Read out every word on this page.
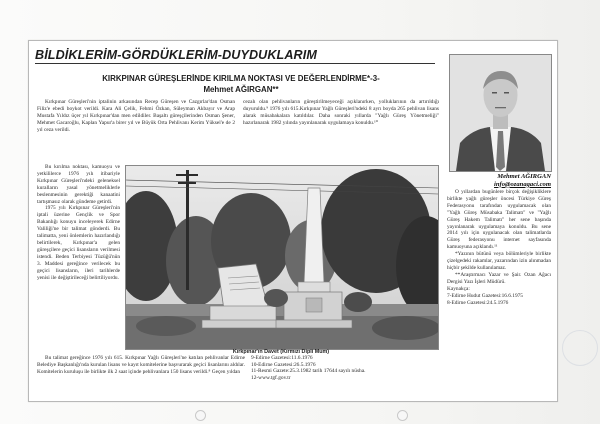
BİLDİKLERİM-GÖRDÜKLERİM-DUYDUKLARIM
KIRKPINAR GÜREŞLERİNDE KIRILMA NOKTASI VE DEĞERLENDİRME*-3-
Mehmet AĞIRGAN**

Kırkpınar Güreşleri'nin iptalinin arkasından Recep Güreşen ve Cazgırlar'dan Osman Filiz'e ebedi boykot verildi. Kara Ali Çelik, Fehmi Özkan, Süleyman Akbayır ve Arap Mustafa Yıldız üçer yıl Kırkpınar'dan men edildiler. Başaltı güreşçilerinden Osman Şener, Mehmet Gacaroğlu, Kaplan Yapur'a birer yıl ve Büyük Orta Pehlivanı Kerim Yüksel'e de 2 yıl ceza verildi.

Bu kırılma noktası, kamuoyu ve yetkililerce 1976 yılı itibariyle Kırkpınar Güreşleri'ndeki geleneksel kuralların yasal yönetmeliklerle beslenmesinin gerektiği kanaatini tartışmasız olarak gündeme getirdi.

1975 yılı Kırkpınar Güreşleri'nin iptali üzerine Gençlik ve Spor Bakanlığı konuyu inceleyerek Edirne Valiliği'ne bir talimat gönderdi. Bu talimatta, yeni önlemlerin hazırlandığı belirtilerek, Kırkpınar'a gelen güreşçilere geçici lisansların verilmesi istendi. Beden Terbiyesi Tüzüğü'nün 3. Maddesi gereğince verilecek bu geçici lisansların, ileri tarihlerde yenisi ile değiştirileceği belirtiliyordu.

cezalı olan pehlivanların güreştirilmeyeceği açıklanırken, yolluklarının da artırıldığı duyuruldu.⁹ 1976 yılı 615.Kırkpınar Yağlı Güreşleri'ndeki 8 ayrı boyda 265 pehlivan lisans alarak müsabakalara katıldılar. Daha sonraki yıllarda "Yağlı Güreş Yönetmeliği" hazırlanarak 1982 yılında yayınlanarak uygulamaya konuldu.¹⁰

Kırkpınar'ın Davet (Kırmızı Dipli Mum)
Mehmet AĞIRGAN
info@ozanagaci.com

O yıllardan bugünlere birçok değişikliklere birlikte yağlı güreşler öncesi Türkiye Güreş Federasyonu tarafından uygulamacak olan "Yağlı Güreş Müsabaka Talimatı" ve "Yağlı Güreş Hakem Talimatı" her sene başında yayınlanarak uygulamaya konuldu. Bu sene 2014 yılı için uygulanacak olan talimatlarda Güreş federasyonu internet sayfasında kamuoyuna açıklandı.¹¹

*Yazının bütünü veya bölümleriyle birlikte çizelgedeki rakamlar, yazarından izin alınmadan hiçbir şekilde kullanılamaz.

**Araştırmacı Yazar ve Şair. Ozan Ağacı Dergisi Yazı İşleri Müdürü.

Kaynakça:

7-Edirne Hudut Gazetesi:16.6.1975

8-Edirne Gazetesi:24.5.1976

Bu talimat gereğince 1976 yılı 615. Kırkpınar Yağlı Güreşleri'ne katılan pehlivanlar Edirne Belediye Başkanlığı'nda kurulan lisans ve kayıt komitelerine başvurarak geçici lisanlarını aldılar. Komitelerin kuruluşu ile birlikte ilk 2 saat içinde pehlivanlara 150 lisans verildi.⁸ Geçen yıldan

9-Edirne Gazetesi:11.6.1976

10-Edirne Gazetesi:26.5.1976

11-Resmi Gazete:25.3.1982 tarih 17644 sayılı nüsha.

12-www.tgf.gov.tr
